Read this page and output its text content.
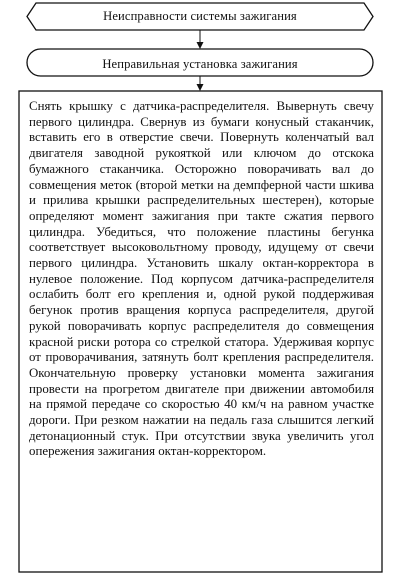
Неисправности системы зажигания
Неправильная установка зажигания

Снять крышку с датчика-распределителя. Вывернуть свечу первого цилиндра. Свернув из бумаги конусный стаканчик, вставить его в отверстие свечи. Повернуть коленчатый вал двигателя заводной рукояткой или ключом до отскока бумажного стаканчика. Осторожно поворачивать вал до совмещения меток (второй метки на демпферной части шкива и прилива крышки распределительных шестерен), которые определяют момент зажигания при такте сжатия первого цилиндра. Убедиться, что положение пластины бегунка соответствует высоковольтному проводу, идущему от свечи первого цилиндра. Установить шкалу октан-корректора в нулевое положение. Под корпусом датчика-распределителя ослабить болт его крепления и, одной рукой поддерживая бегунок против вращения корпуса распределителя, другой рукой поворачивать корпус распределителя до совмещения красной риски ротора со стрелкой статора. Удерживая корпус от проворачивания, затянуть болт крепления распределителя. Окончательную проверку установки момента зажигания провести на прогретом двигателе при движении автомобиля на прямой передаче со скоростью 40 км/ч на равном участке дороги. При резком нажатии на педаль газа слышится легкий детонационный стук. При отсутствии звука увеличить угол опережения зажигания октан-корректором.
